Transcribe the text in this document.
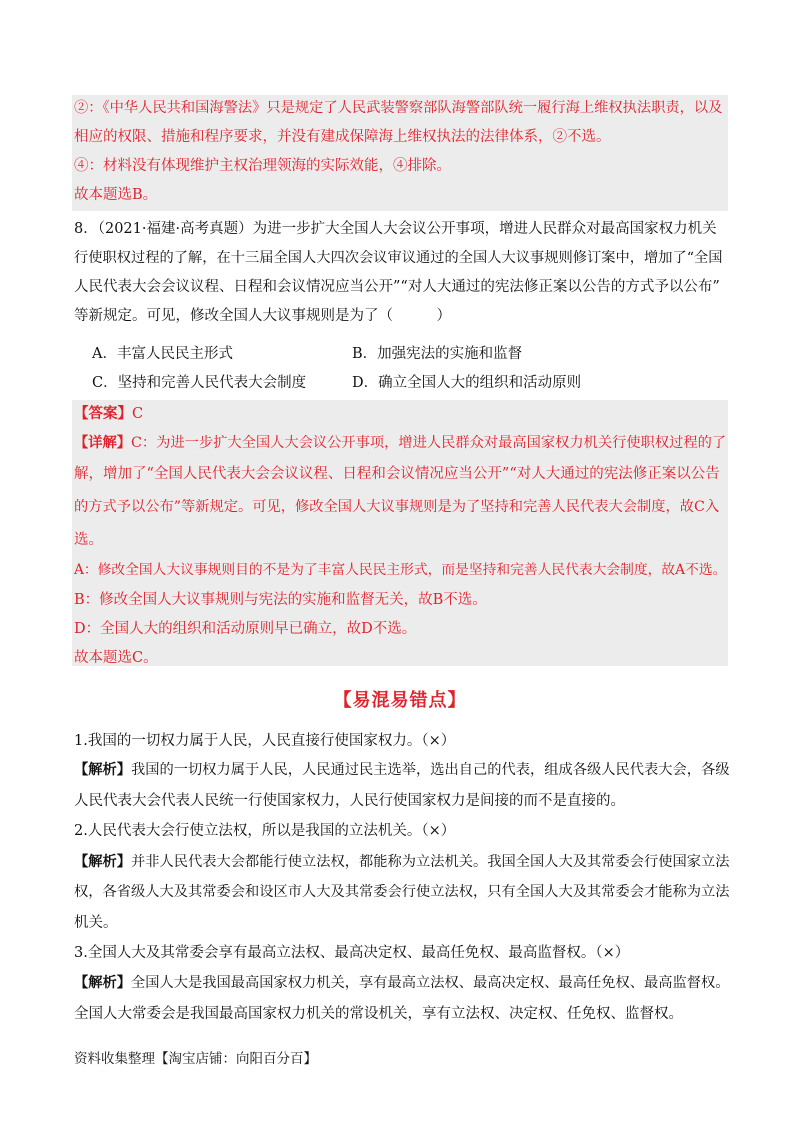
②：《中华人民共和国海警法》只是规定了人民武装警察部队海警部队统一履行海上维权执法职责，以及
相应的权限、措施和程序要求，并没有建成保障海上维权执法的法律体系，②不选。
④：材料没有体现维护主权治理领海的实际效能，④排除。
故本题选B。
8．（2021·福建·高考真题）为进一步扩大全国人大会议公开事项，增进人民群众对最高国家权力机关
行使职权过程的了解，在十三届全国人大四次会议审议通过的全国人大议事规则修订案中，增加了“全国
人民代表大会会议议程、日程和会议情况应当公开”“对人大通过的宪法修正案以公告的方式予以公布”
等新规定。可见，修改全国人大议事规则是为了（　　　）
A．丰富人民民主形式	B．加强宪法的实施和监督
C．坚持和完善人民代表大会制度	D．确立全国人大的组织和活动原则
【答案】C
【详解】C：为进一步扩大全国人大会议公开事项，增进人民群众对最高国家权力机关行使职权过程的了
解，增加了“全国人民代表大会会议议程、日程和会议情况应当公开”“对人大通过的宪法修正案以公告
的方式予以公布”等新规定。可见，修改全国人大议事规则是为了坚持和完善人民代表大会制度，故C入
选。
A：修改全国人大议事规则目的不是为了丰富人民民主形式，而是坚持和完善人民代表大会制度，故A不选。
B：修改全国人大议事规则与宪法的实施和监督无关，故B不选。
D：全国人大的组织和活动原则早已确立，故D不选。
故本题选C。
【易混易错点】
1.我国的一切权力属于人民，人民直接行使国家权力。（×）
【解析】我国的一切权力属于人民，人民通过民主选举，选出自己的代表，组成各级人民代表大会，各级
人民代表大会代表人民统一行使国家权力，人民行使国家权力是间接的而不是直接的。
2.人民代表大会行使立法权，所以是我国的立法机关。（×）
【解析】并非人民代表大会都能行使立法权，都能称为立法机关。我国全国人大及其常委会行使国家立法
权，各省级人大及其常委会和设区市人大及其常委会行使立法权，只有全国人大及其常委会才能称为立法
机关。
3.全国人大及其常委会享有最高立法权、最高决定权、最高任免权、最高监督权。（×）
【解析】全国人大是我国最高国家权力机关，享有最高立法权、最高决定权、最高任免权、最高监督权。
全国人大常委会是我国最高国家权力机关的常设机关，享有立法权、决定权、任免权、监督权。
资料收集整理【淘宝店铺：向阳百分百】
